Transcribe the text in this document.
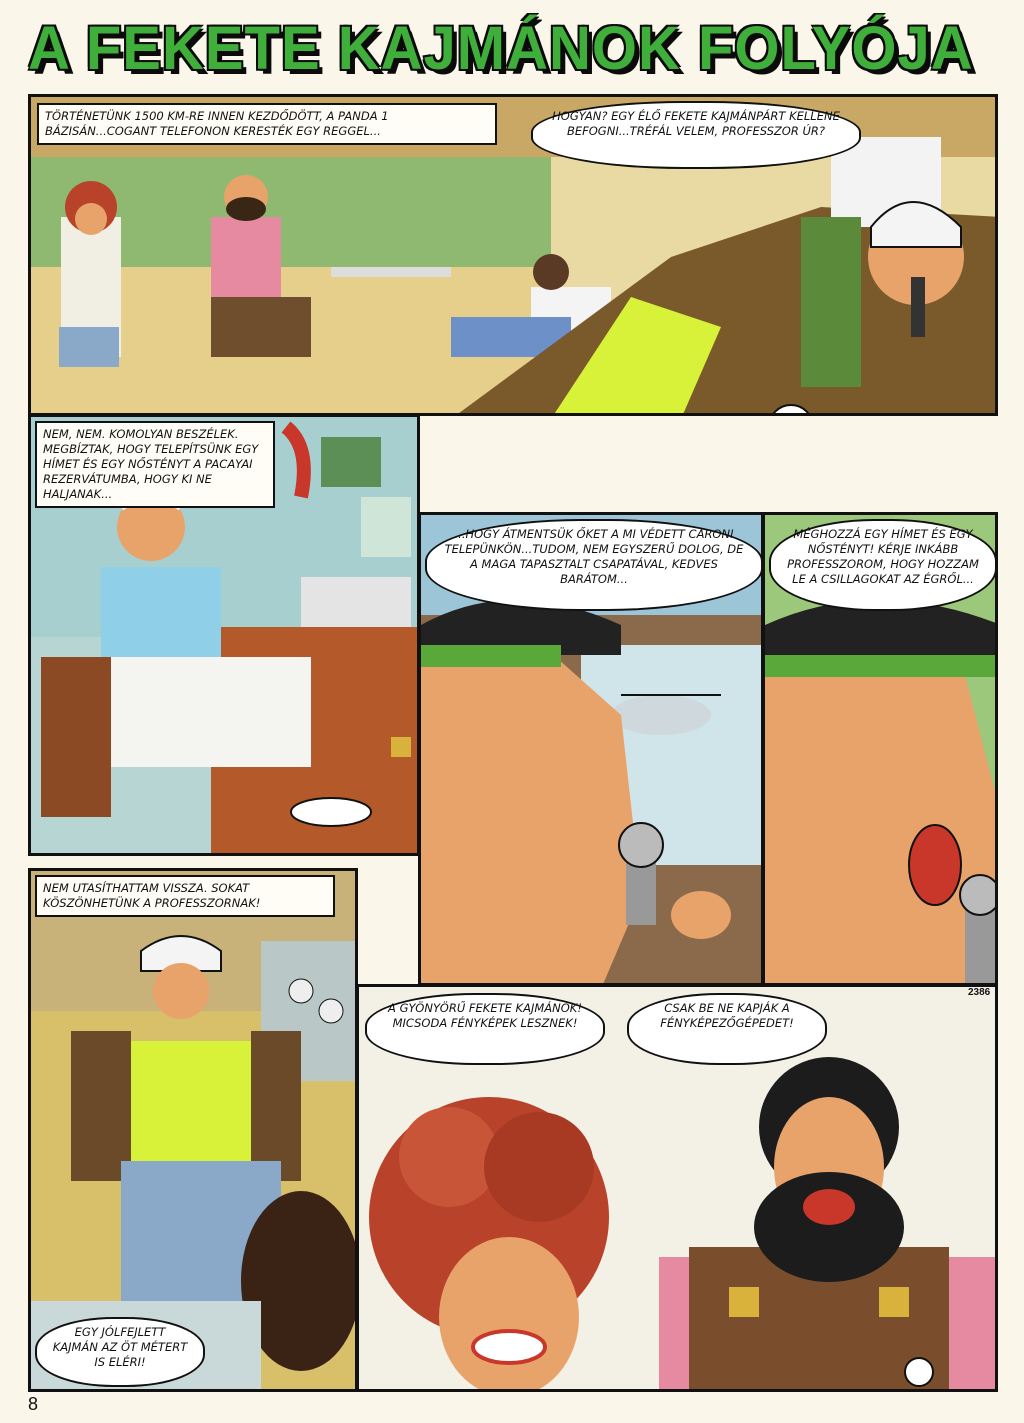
A FEKETE KAJMÁNOK FOLYÓJA
TÖRTÉNETÜNK 1500 KM-RE INNEN KEZDŐDÖTT, A PANDA 1 BÁZISÁN...COGANT TELEFONON KERESTÉK EGY REGGEL...
HOGYAN? EGY ÉLŐ FEKETE KAJMÁNPÁRT KELLENE BEFOGNI...TRÉFÁL VELEM, PROFESSZOR ÚR?
NEM, NEM. KOMOLYAN BESZÉLEK. MEGBÍZTAK, HOGY TELEPÍTSÜNK EGY HÍMET ÉS EGY NŐSTÉNYT A PACAYAI REZERVÁTUMBA, HOGY KI NE HALJANAK...
...HOGY ÁTMENTSÜK ŐKET A MI VÉDETT CARONI TELEPÜNKÖN...TUDOM, NEM EGYSZERŰ DOLOG, DE A MAGA TAPASZTALT CSAPATÁVAL, KEDVES BARÁTOM...
MÉGHOZZÁ EGY HÍMET ÉS EGY NŐSTÉNYT! KÉRJE INKÁBB PROFESSZOROM, HOGY HOZZAM LE A CSILLAGOKAT AZ ÉGRŐL...
NEM UTASÍTHATTAM VISSZA. SOKAT KÖSZÖNHETÜNK A PROFESSZORNAK!
EGY JÓLFEJLETT KAJMÁN AZ ÖT MÉTERT IS ELÉRI!
A GYÖNYÖRŰ FEKETE KAJMÁNOK! MICSODA FÉNYKÉPEK LESZNEK!
CSAK BE NE KAPJÁK A FÉNYKÉPEZŐGÉPEDET!
2386
8
